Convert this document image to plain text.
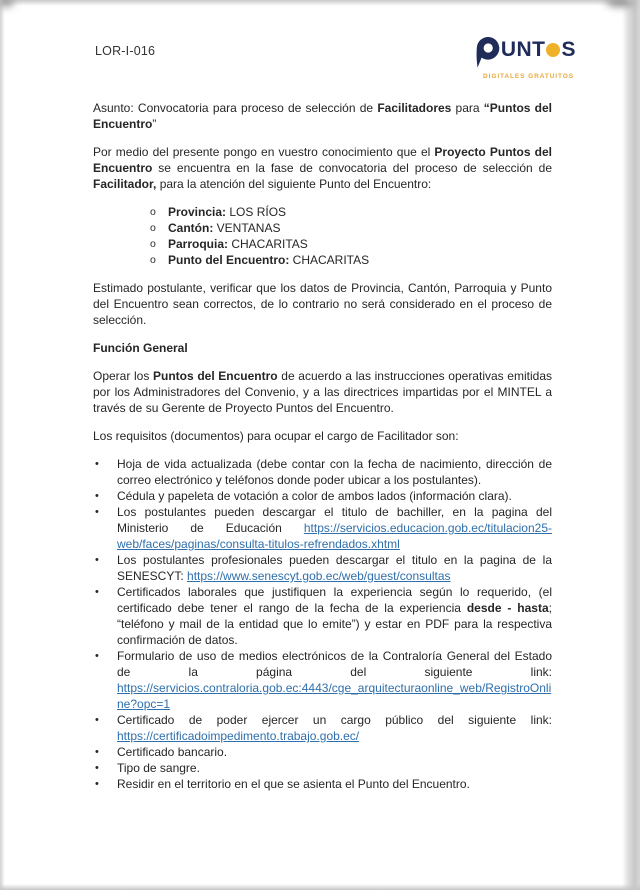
LOR-I-016	UNT S
DIGITALES GRATUITOS

Asunto: Convocatoria para proceso de selección de Facilitadores para “Puntos del Encuentro”

Por medio del presente pongo en vuestro conocimiento que el Proyecto Puntos del Encuentro se encuentra en la fase de convocatoria del proceso de selección de Facilitador, para la atención del siguiente Punto del Encuentro:

o	Provincia: LOS RÍOS
o	Cantón: VENTANAS
o	Parroquia: CHACARITAS
o	Punto del Encuentro: CHACARITAS

Estimado postulante, verificar que los datos de Provincia, Cantón, Parroquia y Punto del Encuentro sean correctos, de lo contrario no será considerado en el proceso de selección.

Función General

Operar los Puntos del Encuentro de acuerdo a las instrucciones operativas emitidas por los Administradores del Convenio, y a las directrices impartidas por el MINTEL a través de su Gerente de Proyecto Puntos del Encuentro.

Los requisitos (documentos) para ocupar el cargo de Facilitador son:

•	Hoja de vida actualizada (debe contar con la fecha de nacimiento, dirección de correo electrónico y teléfonos donde poder ubicar a los postulantes).
•	Cédula y papeleta de votación a color de ambos lados (información clara).
•	Los postulantes pueden descargar el titulo de bachiller, en la pagina del Ministerio de Educación https://servicios.educacion.gob.ec/titulacion25-web/faces/paginas/consulta-titulos-refrendados.xhtml
•	Los postulantes profesionales pueden descargar el titulo en la pagina de la SENESCYT: https://www.senescyt.gob.ec/web/guest/consultas
•	Certificados laborales que justifiquen la experiencia según lo requerido, (el certificado debe tener el rango de la fecha de la experiencia desde - hasta; “teléfono y mail de la entidad que lo emite”) y estar en PDF para la respectiva confirmación de datos.
•	Formulario de uso de medios electrónicos de la Contraloría General del Estado de la página del siguiente link: https://servicios.contraloria.gob.ec:4443/cge_arquitecturaonline_web/RegistroOnline?opc=1
•	Certificado de poder ejercer un cargo público del siguiente link: https://certificadoimpedimento.trabajo.gob.ec/
•	Certificado bancario.
•	Tipo de sangre.
•	Residir en el territorio en el que se asienta el Punto del Encuentro.
